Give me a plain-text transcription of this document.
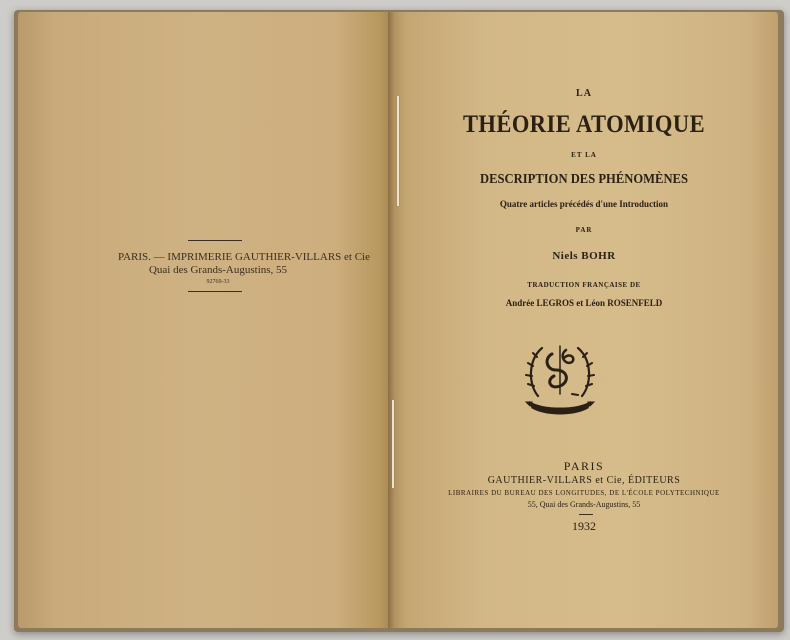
PARIS. — IMPRIMERIE GAUTHIER-VILLARS et Cie
Quai des Grands-Augustins, 55
92769-33
LA
THÉORIE ATOMIQUE
ET LA
DESCRIPTION DES PHÉNOMÈNES
Quatre articles précédés d'une Introduction
PAR
Niels BOHR
TRADUCTION FRANÇAISE DE
Andrée LEGROS et Léon ROSENFELD
PARIS
GAUTHIER-VILLARS et Cie, ÉDITEURS
LIBRAIRES DU BUREAU DES LONGITUDES, DE L'ÉCOLE POLYTECHNIQUE
55, Quai des Grands-Augustins, 55
1932
